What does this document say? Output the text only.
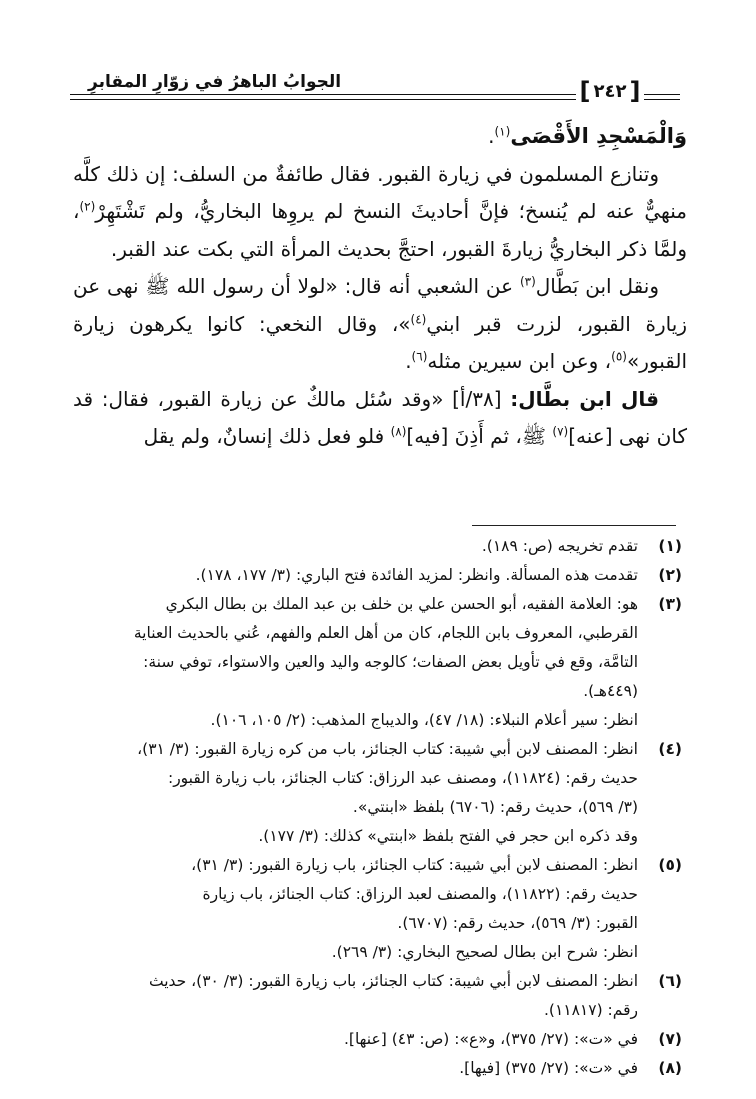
الجوابُ الباهرُ في زوّارِ المقابرِ	[ ٢٤٢ ]

وَالْمَسْجِدِ الأَقْصَى$^{(١)}$.

وتنازع المسلمون في زيارة القبور. فقال طائفةٌ من السلف: إن ذلك كلَّه منهيٌّ عنه لم يُنسخ؛ فإنَّ أحاديثَ النسخ لم يروِها البخاريُّ، ولم تَشْتَهِرْ$^{(٢)}$، ولمَّا ذكر البخاريُّ زيارةَ القبور، احتجَّ بحديث المرأة التي بكت عند القبر.

ونقل ابن بَطَّال$^{(٣)}$ عن الشعبي أنه قال: «لولا أن رسول الله ﷺ نهى عن زيارة القبور، لزرت قبر ابني$^{(٤)}$»، وقال النخعي: كانوا يكرهون زيارة القبور»$^{(٥)}$، وعن ابن سيرين مثله$^{(٦)}$.

قال ابن بطَّال: [٣٨/أ] «وقد سُئل مالكٌ عن زيارة القبور، فقال: قد كان نهى [عنه]$^{(٧)}$ ﷺ، ثم أَذِنَ [فيه]$^{(٨)}$ فلو فعل ذلك إنسانٌ، ولم يقل

(١)
تقدم تخريجه (ص: ١٨٩).
(٢)
تقدمت هذه المسألة. وانظر: لمزيد الفائدة فتح الباري: (٣/ ١٧٧، ١٧٨).
(٣)
هو: العلامة الفقيه، أبو الحسن علي بن خلف بن عبد الملك بن بطال البكري
القرطبي، المعروف بابن اللجام، كان من أهل العلم والفهم، عُني بالحديث العناية
التامَّة، وقع في تأويل بعض الصفات؛ كالوجه واليد والعين والاستواء، توفي سنة:
(٤٤٩هـ).
انظر: سير أعلام النبلاء: (١٨/ ٤٧)، والديباج المذهب: (٢/ ١٠٥، ١٠٦).
(٤)
انظر: المصنف لابن أبي شيبة: كتاب الجنائز، باب من كره زيارة القبور: (٣/ ٣١)،
حديث رقم: (١١٨٢٤)، ومصنف عبد الرزاق: كتاب الجنائز، باب زيارة القبور:
(٣/ ٥٦٩)، حديث رقم: (٦٧٠٦) بلفظ «ابنتي».
وقد ذكره ابن حجر في الفتح بلفظ «ابنتي» كذلك: (٣/ ١٧٧).
(٥)
انظر: المصنف لابن أبي شيبة: كتاب الجنائز، باب زيارة القبور: (٣/ ٣١)،
حديث رقم: (١١٨٢٢)، والمصنف لعبد الرزاق: كتاب الجنائز، باب زيارة
القبور: (٣/ ٥٦٩)، حديث رقم: (٦٧٠٧).
انظر: شرح ابن بطال لصحيح البخاري: (٣/ ٢٦٩).
(٦)
انظر: المصنف لابن أبي شيبة: كتاب الجنائز، باب زيارة القبور: (٣/ ٣٠)، حديث
رقم: (١١٨١٧).
(٧)
في «ت»: (٢٧/ ٣٧٥)، و«ع»: (ص: ٤٣) [عنها].
(٨)
في «ت»: (٢٧/ ٣٧٥) [فيها].
